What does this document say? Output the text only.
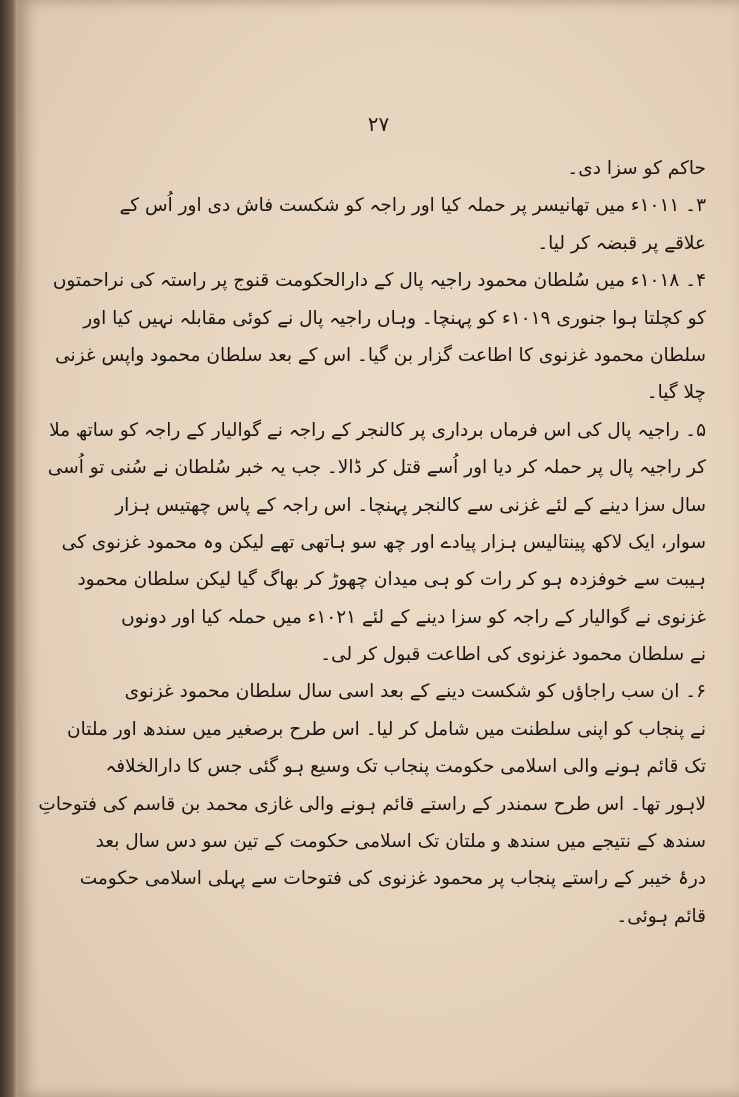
۲۷
حاکم کو سزا دی۔
۳۔ ۱۰۱۱ء میں تھانیسر پر حملہ کیا اور راجہ کو شکست فاش دی اور اُس کے
علاقے پر قبضہ کر لیا۔
۴۔ ۱۰۱۸ء میں سُلطان محمود راجیہ پال کے دارالحکومت قنوج پر راستہ کی نراحمتوں
کو کچلتا ہوا جنوری ۱۰۱۹ء کو پہنچا۔ وہاں راجیہ پال نے کوئی مقابلہ نہیں کیا اور
سلطان محمود غزنوی کا اطاعت گزار بن گیا۔ اس کے بعد سلطان محمود واپس غزنی
چلا گیا۔
۵۔ راجیہ پال کی اس فرماں برداری پر کالنجر کے راجہ نے گوالیار کے راجہ کو ساتھ ملا
کر راجیہ پال پر حملہ کر دیا اور اُسے قتل کر ڈالا۔ جب یہ خبر سُلطان نے سُنی تو اُسی
سال سزا دینے کے لئے غزنی سے کالنجر پہنچا۔ اس راجہ کے پاس چھتیس ہزار
سوار، ایک لاکھ پینتالیس ہزار پیادے اور چھ سو ہاتھی تھے لیکن وہ محمود غزنوی کی
ہیبت سے خوفزدہ ہو کر رات کو ہی میدان چھوڑ کر بھاگ گیا لیکن سلطان محمود
غزنوی نے گوالیار کے راجہ کو سزا دینے کے لئے ۱۰۲۱ء میں حملہ کیا اور دونوں
نے سلطان محمود غزنوی کی اطاعت قبول کر لی۔
۶۔ ان سب راجاؤں کو شکست دینے کے بعد اسی سال سلطان محمود غزنوی
نے پنجاب کو اپنی سلطنت میں شامل کر لیا۔ اس طرح برصغیر میں سندھ اور ملتان
تک قائم ہونے والی اسلامی حکومت پنجاب تک وسیع ہو گئی جس کا دارالخلافہ
لاہور تھا۔ اس طرح سمندر کے راستے قائم ہونے والی غازی محمد بن قاسم کی فتوحاتِ
سندھ کے نتیجے میں سندھ و ملتان تک اسلامی حکومت کے تین سو دس سال بعد
درۂ خیبر کے راستے پنجاب پر محمود غزنوی کی فتوحات سے پہلی اسلامی حکومت
قائم ہوئی۔
